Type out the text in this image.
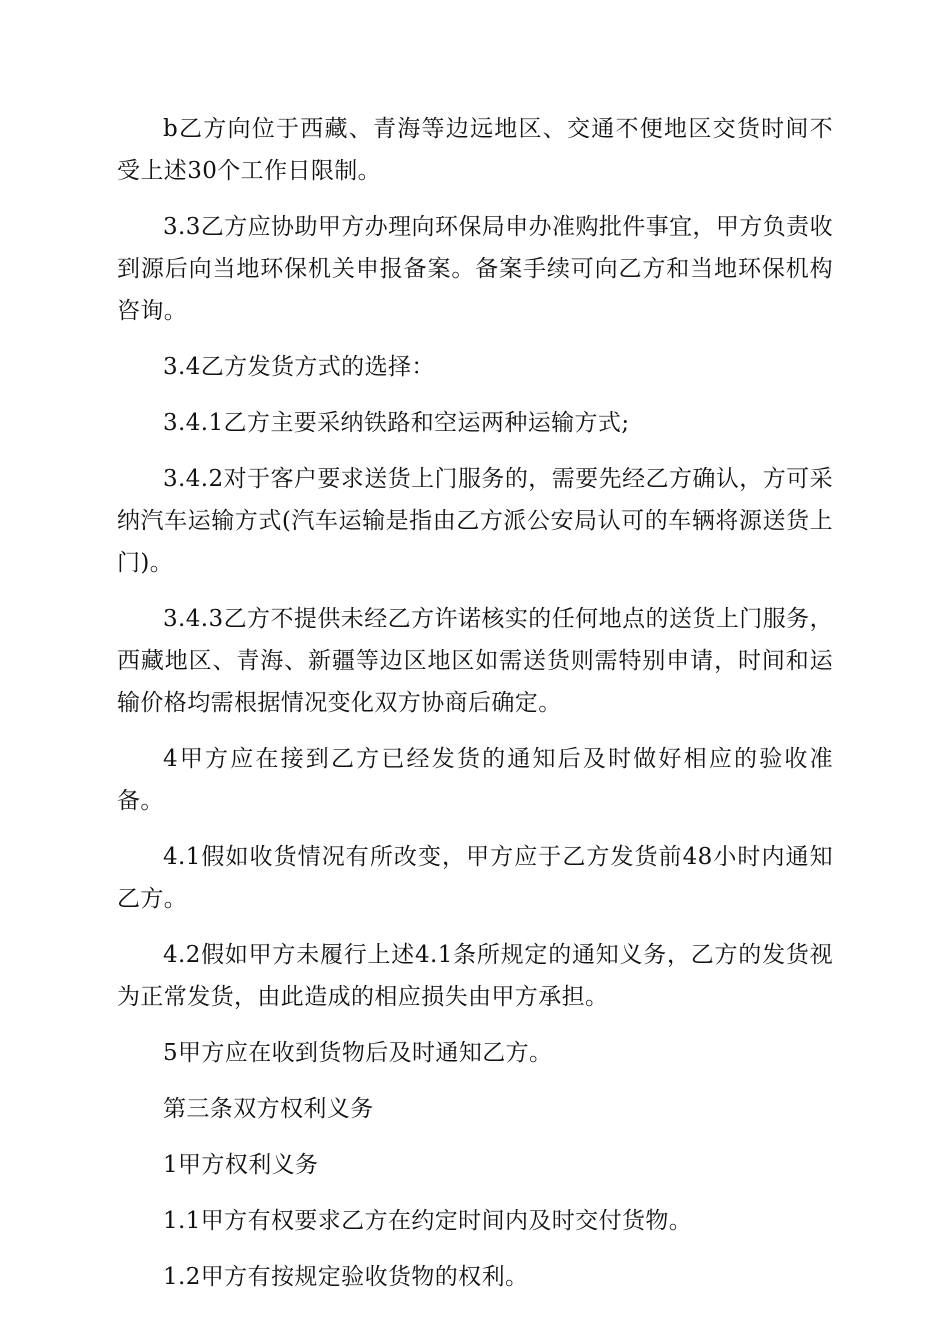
b乙方向位于西藏、青海等边远地区、交通不便地区交货时间不受上述30个工作日限制。

3.3乙方应协助甲方办理向环保局申办准购批件事宜，甲方负责收到源后向当地环保机关申报备案。备案手续可向乙方和当地环保机构咨询。

3.4乙方发货方式的选择：

3.4.1乙方主要采纳铁路和空运两种运输方式;

3.4.2对于客户要求送货上门服务的，需要先经乙方确认，方可采纳汽车运输方式(汽车运输是指由乙方派公安局认可的车辆将源送货上门)。

3.4.3乙方不提供未经乙方许诺核实的任何地点的送货上门服务，西藏地区、青海、新疆等边区地区如需送货则需特别申请，时间和运输价格均需根据情况变化双方协商后确定。

4甲方应在接到乙方已经发货的通知后及时做好相应的验收准备。

4.1假如收货情况有所改变，甲方应于乙方发货前48小时内通知乙方。

4.2假如甲方未履行上述4.1条所规定的通知义务，乙方的发货视为正常发货，由此造成的相应损失由甲方承担。

5甲方应在收到货物后及时通知乙方。

第三条双方权利义务

1甲方权利义务

1.1甲方有权要求乙方在约定时间内及时交付货物。

1.2甲方有按规定验收货物的权利。
